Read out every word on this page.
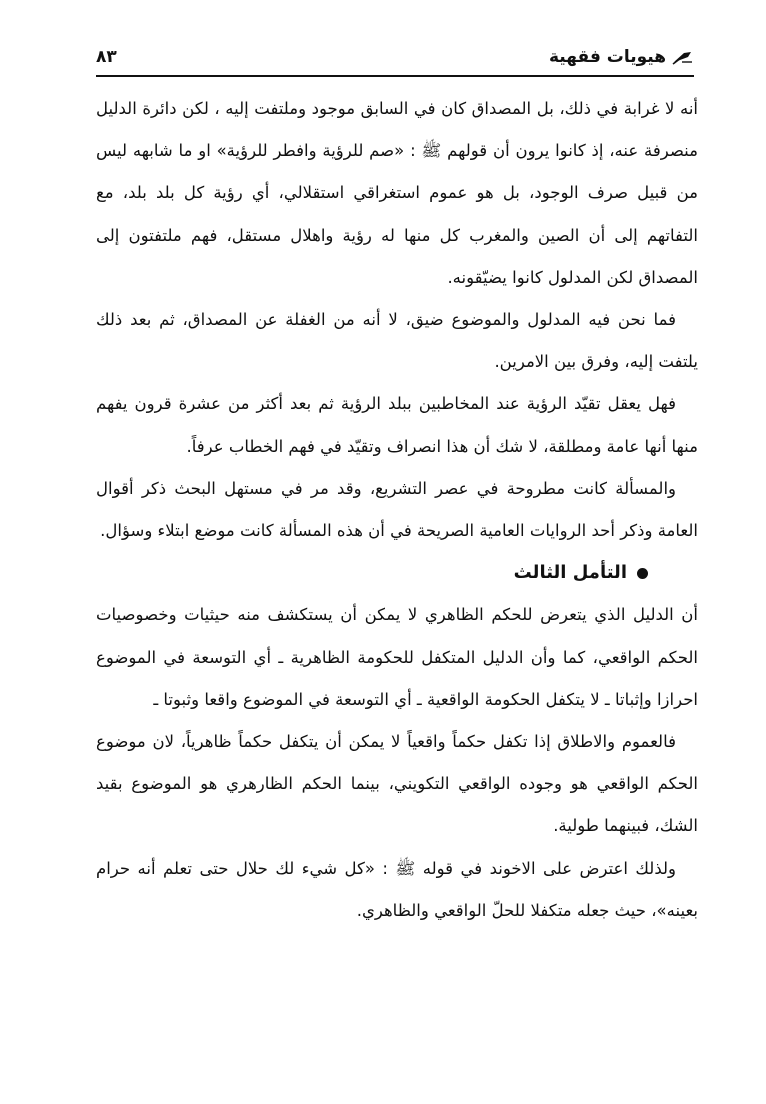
هيويات فقهية
٨٣

أنه لا غرابة في ذلك، بل المصداق كان في السابق موجود وملتفت إليه ، لكن دائرة الدليل منصرفة عنه، إذ كانوا يرون أن قولهم ﷺ : «صم للرؤية وافطر للرؤية» او ما شابهه ليس من قبيل صرف الوجود، بل هو عموم استغراقي استقلالي، أي رؤية كل بلد بلد، مع التفاتهم إلى أن الصين والمغرب كل منها له رؤية واهلال مستقل، فهم ملتفتون إلى المصداق لكن المدلول كانوا يضيّقونه.

فما نحن فيه المدلول والموضوع ضيق، لا أنه من الغفلة عن المصداق، ثم بعد ذلك يلتفت إليه، وفرق بين الامرين.

فهل يعقل تقيّد الرؤية عند المخاطبين ببلد الرؤية ثم بعد أكثر من عشرة قرون يفهم منها أنها عامة ومطلقة، لا شك أن هذا انصراف وتقيّد في فهم الخطاب عرفاً.

والمسألة كانت مطروحة في عصر التشريع، وقد مر في مستهل البحث ذكر أقوال العامة وذكر أحد الروايات العامية الصريحة في أن هذه المسألة كانت موضع ابتلاء وسؤال.

التأمل الثالث

أن الدليل الذي يتعرض للحكم الظاهري لا يمكن أن يستكشف منه حيثيات وخصوصيات الحكم الواقعي، كما وأن الدليل المتكفل للحكومة الظاهرية ـ أي التوسعة في الموضوع احرازا وإثباتا ـ لا يتكفل الحكومة الواقعية ـ أي التوسعة في الموضوع واقعا وثبوتا ـ

فالعموم والاطلاق إذا تكفل حكماً واقعياً لا يمكن أن يتكفل حكماً ظاهرياً، لان موضوع الحكم الواقعي هو وجوده الواقعي التكويني، بينما الحكم الظارهري هو الموضوع بقيد الشك، فبينهما طولية.

ولذلك اعترض على الاخوند في قوله ﷺ : «كل شيء لك حلال حتى تعلم أنه حرام بعينه»، حيث جعله متكفلا للحلّ الواقعي والظاهري.
